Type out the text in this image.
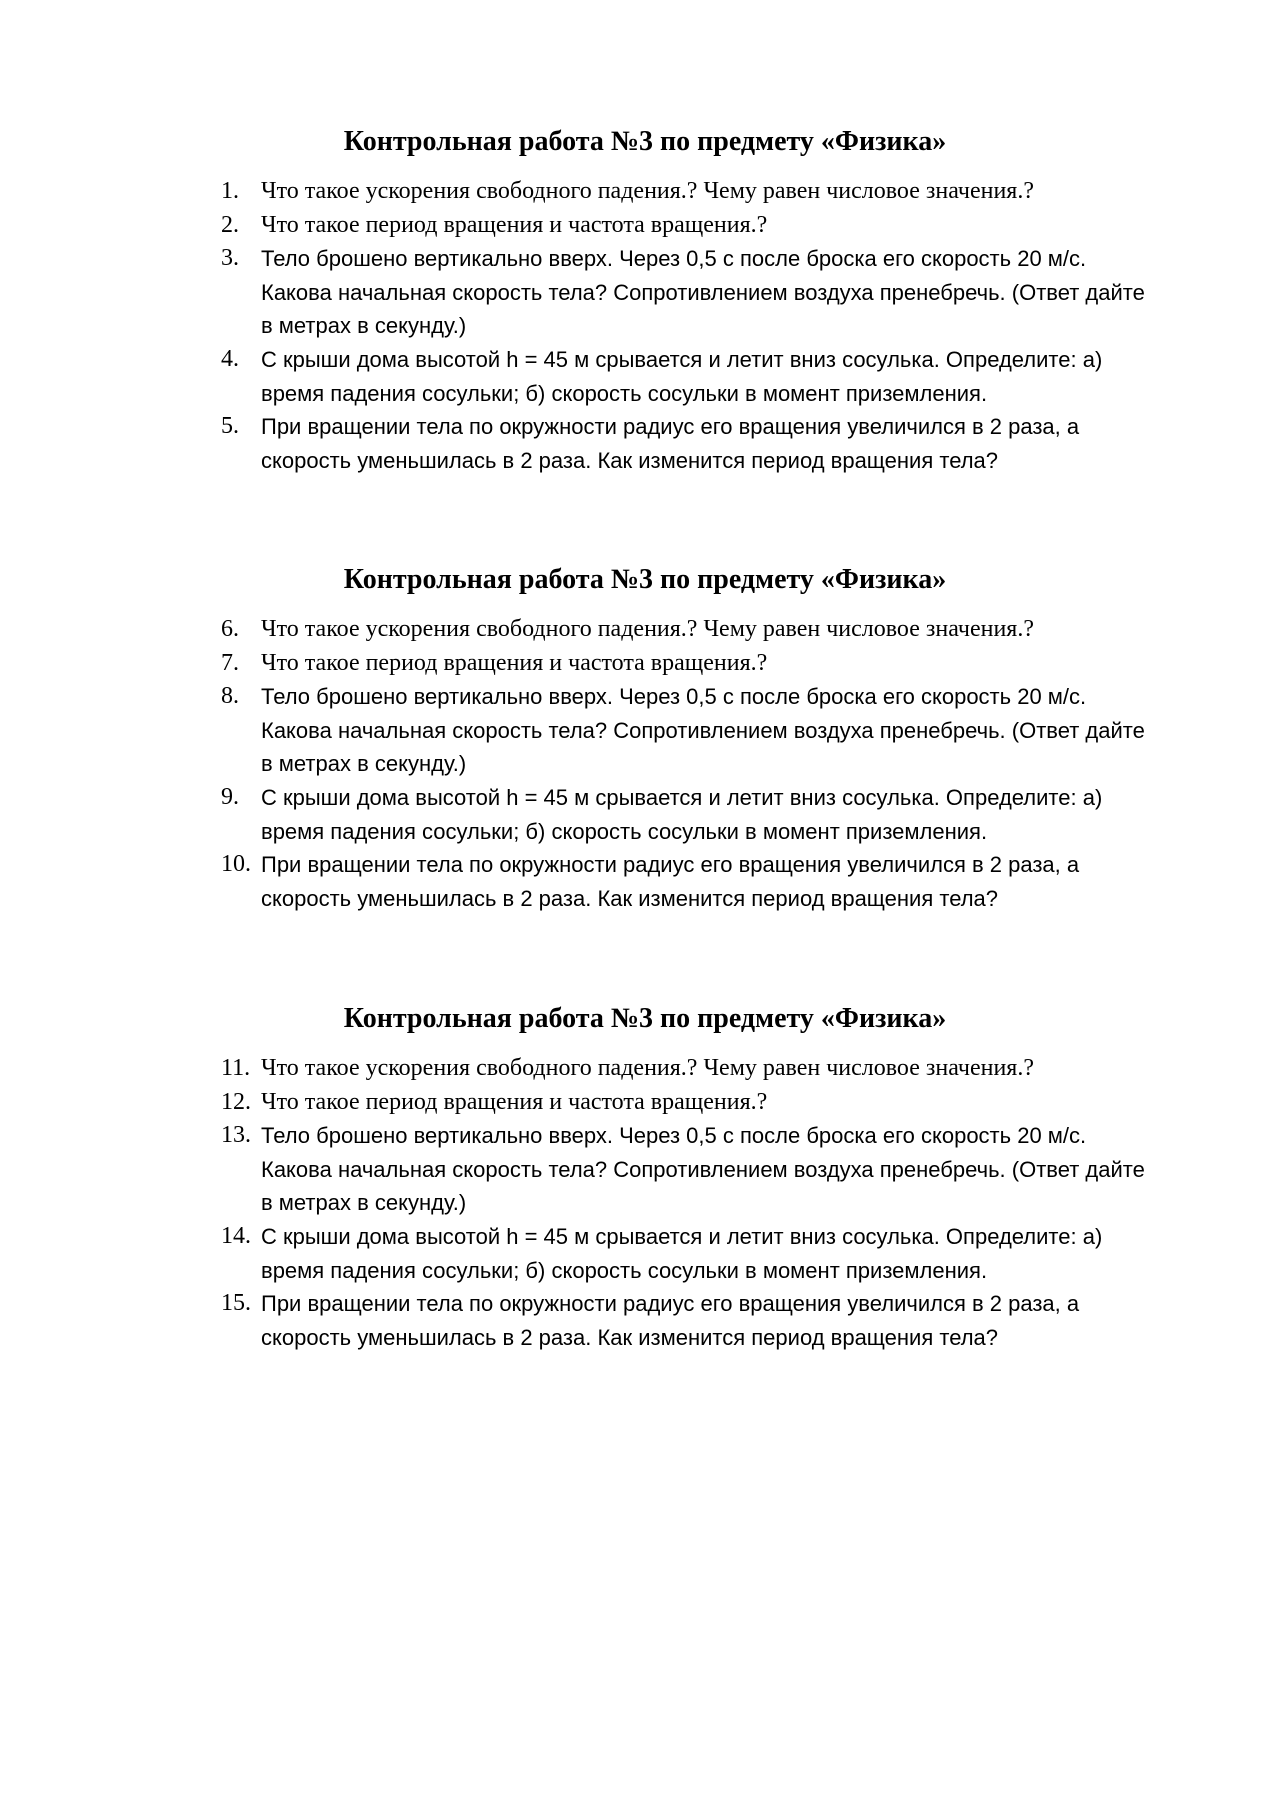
Контрольная работа №3 по предмету «Физика»
1. Что такое ускорения свободного падения.? Чему равен числовое значения.?
2. Что такое период вращения и частота вращения.?
3. Тело брошено вертикально вверх. Через 0,5 с после броска его скорость 20 м/с. Какова начальная скорость тела? Сопротивлением воздуха пренебречь. (Ответ дайте в метрах в секунду.)
4. С крыши дома высотой h = 45 м срывается и летит вниз сосулька. Определите: а) время падения сосульки; б) скорость сосульки в момент приземления.
5. При вращении тела по окружности радиус его вращения увеличился в 2 раза, а скорость уменьшилась в 2 раза. Как изменится период вращения тела?
Контрольная работа №3 по предмету «Физика»
6. Что такое ускорения свободного падения.? Чему равен числовое значения.?
7. Что такое период вращения и частота вращения.?
8. Тело брошено вертикально вверх. Через 0,5 с после броска его скорость 20 м/с. Какова начальная скорость тела? Сопротивлением воздуха пренебречь. (Ответ дайте в метрах в секунду.)
9. С крыши дома высотой h = 45 м срывается и летит вниз сосулька. Определите: а) время падения сосульки; б) скорость сосульки в момент приземления.
10. При вращении тела по окружности радиус его вращения увеличился в 2 раза, а скорость уменьшилась в 2 раза. Как изменится период вращения тела?
Контрольная работа №3 по предмету «Физика»
11. Что такое ускорения свободного падения.? Чему равен числовое значения.?
12. Что такое период вращения и частота вращения.?
13. Тело брошено вертикально вверх. Через 0,5 с после броска его скорость 20 м/с. Какова начальная скорость тела? Сопротивлением воздуха пренебречь. (Ответ дайте в метрах в секунду.)
14. С крыши дома высотой h = 45 м срывается и летит вниз сосулька. Определите: а) время падения сосульки; б) скорость сосульки в момент приземления.
15. При вращении тела по окружности радиус его вращения увеличился в 2 раза, а скорость уменьшилась в 2 раза. Как изменится период вращения тела?
